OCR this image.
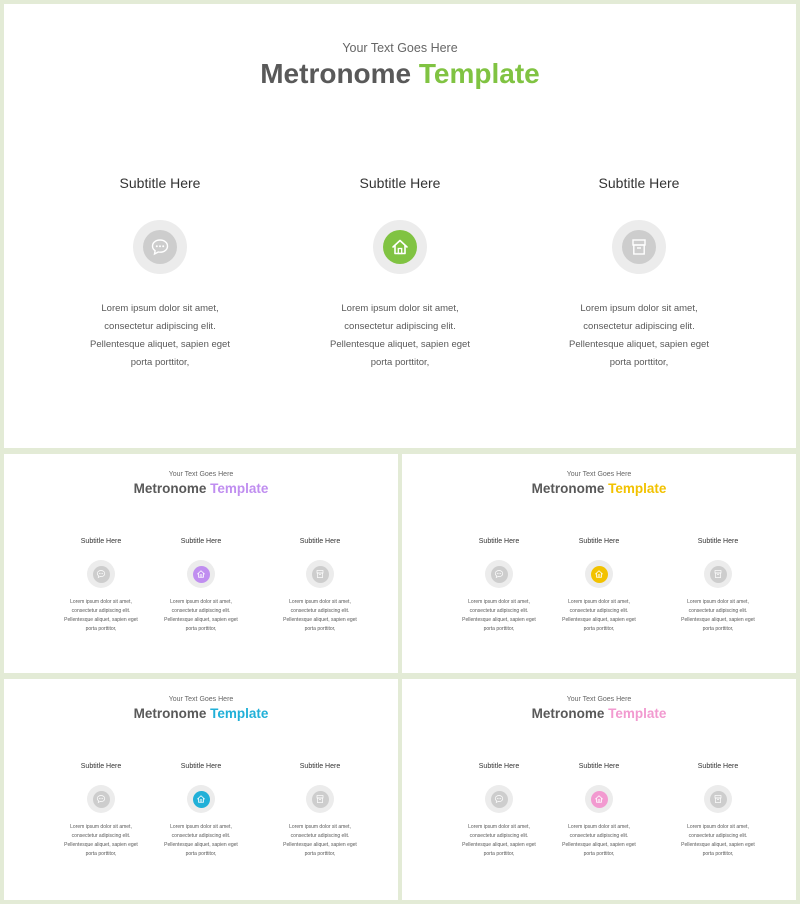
Your Text Goes Here
Metronome Template
Subtitle Here
Lorem ipsum dolor sit amet,
consectetur adipiscing elit.
Pellentesque aliquet, sapien eget
porta porttitor,
Subtitle Here
Lorem ipsum dolor sit amet,
consectetur adipiscing elit.
Pellentesque aliquet, sapien eget
porta porttitor,
Subtitle Here
Lorem ipsum dolor sit amet,
consectetur adipiscing elit.
Pellentesque aliquet, sapien eget
porta porttitor,
Your Text Goes Here
Metronome Template
Subtitle Here
Lorem ipsum dolor sit amet,
consectetur adipiscing elit.
Pellentesque aliquet, sapien eget
porta porttitor,
Subtitle Here
Lorem ipsum dolor sit amet,
consectetur adipiscing elit.
Pellentesque aliquet, sapien eget
porta porttitor,
Subtitle Here
Lorem ipsum dolor sit amet,
consectetur adipiscing elit.
Pellentesque aliquet, sapien eget
porta porttitor,
Your Text Goes Here
Metronome Template
Subtitle Here
Lorem ipsum dolor sit amet,
consectetur adipiscing elit.
Pellentesque aliquet, sapien eget
porta porttitor,
Subtitle Here
Lorem ipsum dolor sit amet,
consectetur adipiscing elit.
Pellentesque aliquet, sapien eget
porta porttitor,
Subtitle Here
Lorem ipsum dolor sit amet,
consectetur adipiscing elit.
Pellentesque aliquet, sapien eget
porta porttitor,
Your Text Goes Here
Metronome Template
Subtitle Here
Lorem ipsum dolor sit amet,
consectetur adipiscing elit.
Pellentesque aliquet, sapien eget
porta porttitor,
Subtitle Here
Lorem ipsum dolor sit amet,
consectetur adipiscing elit.
Pellentesque aliquet, sapien eget
porta porttitor,
Subtitle Here
Lorem ipsum dolor sit amet,
consectetur adipiscing elit.
Pellentesque aliquet, sapien eget
porta porttitor,
Your Text Goes Here
Metronome Template
Subtitle Here
Lorem ipsum dolor sit amet,
consectetur adipiscing elit.
Pellentesque aliquet, sapien eget
porta porttitor,
Subtitle Here
Lorem ipsum dolor sit amet,
consectetur adipiscing elit.
Pellentesque aliquet, sapien eget
porta porttitor,
Subtitle Here
Lorem ipsum dolor sit amet,
consectetur adipiscing elit.
Pellentesque aliquet, sapien eget
porta porttitor,
